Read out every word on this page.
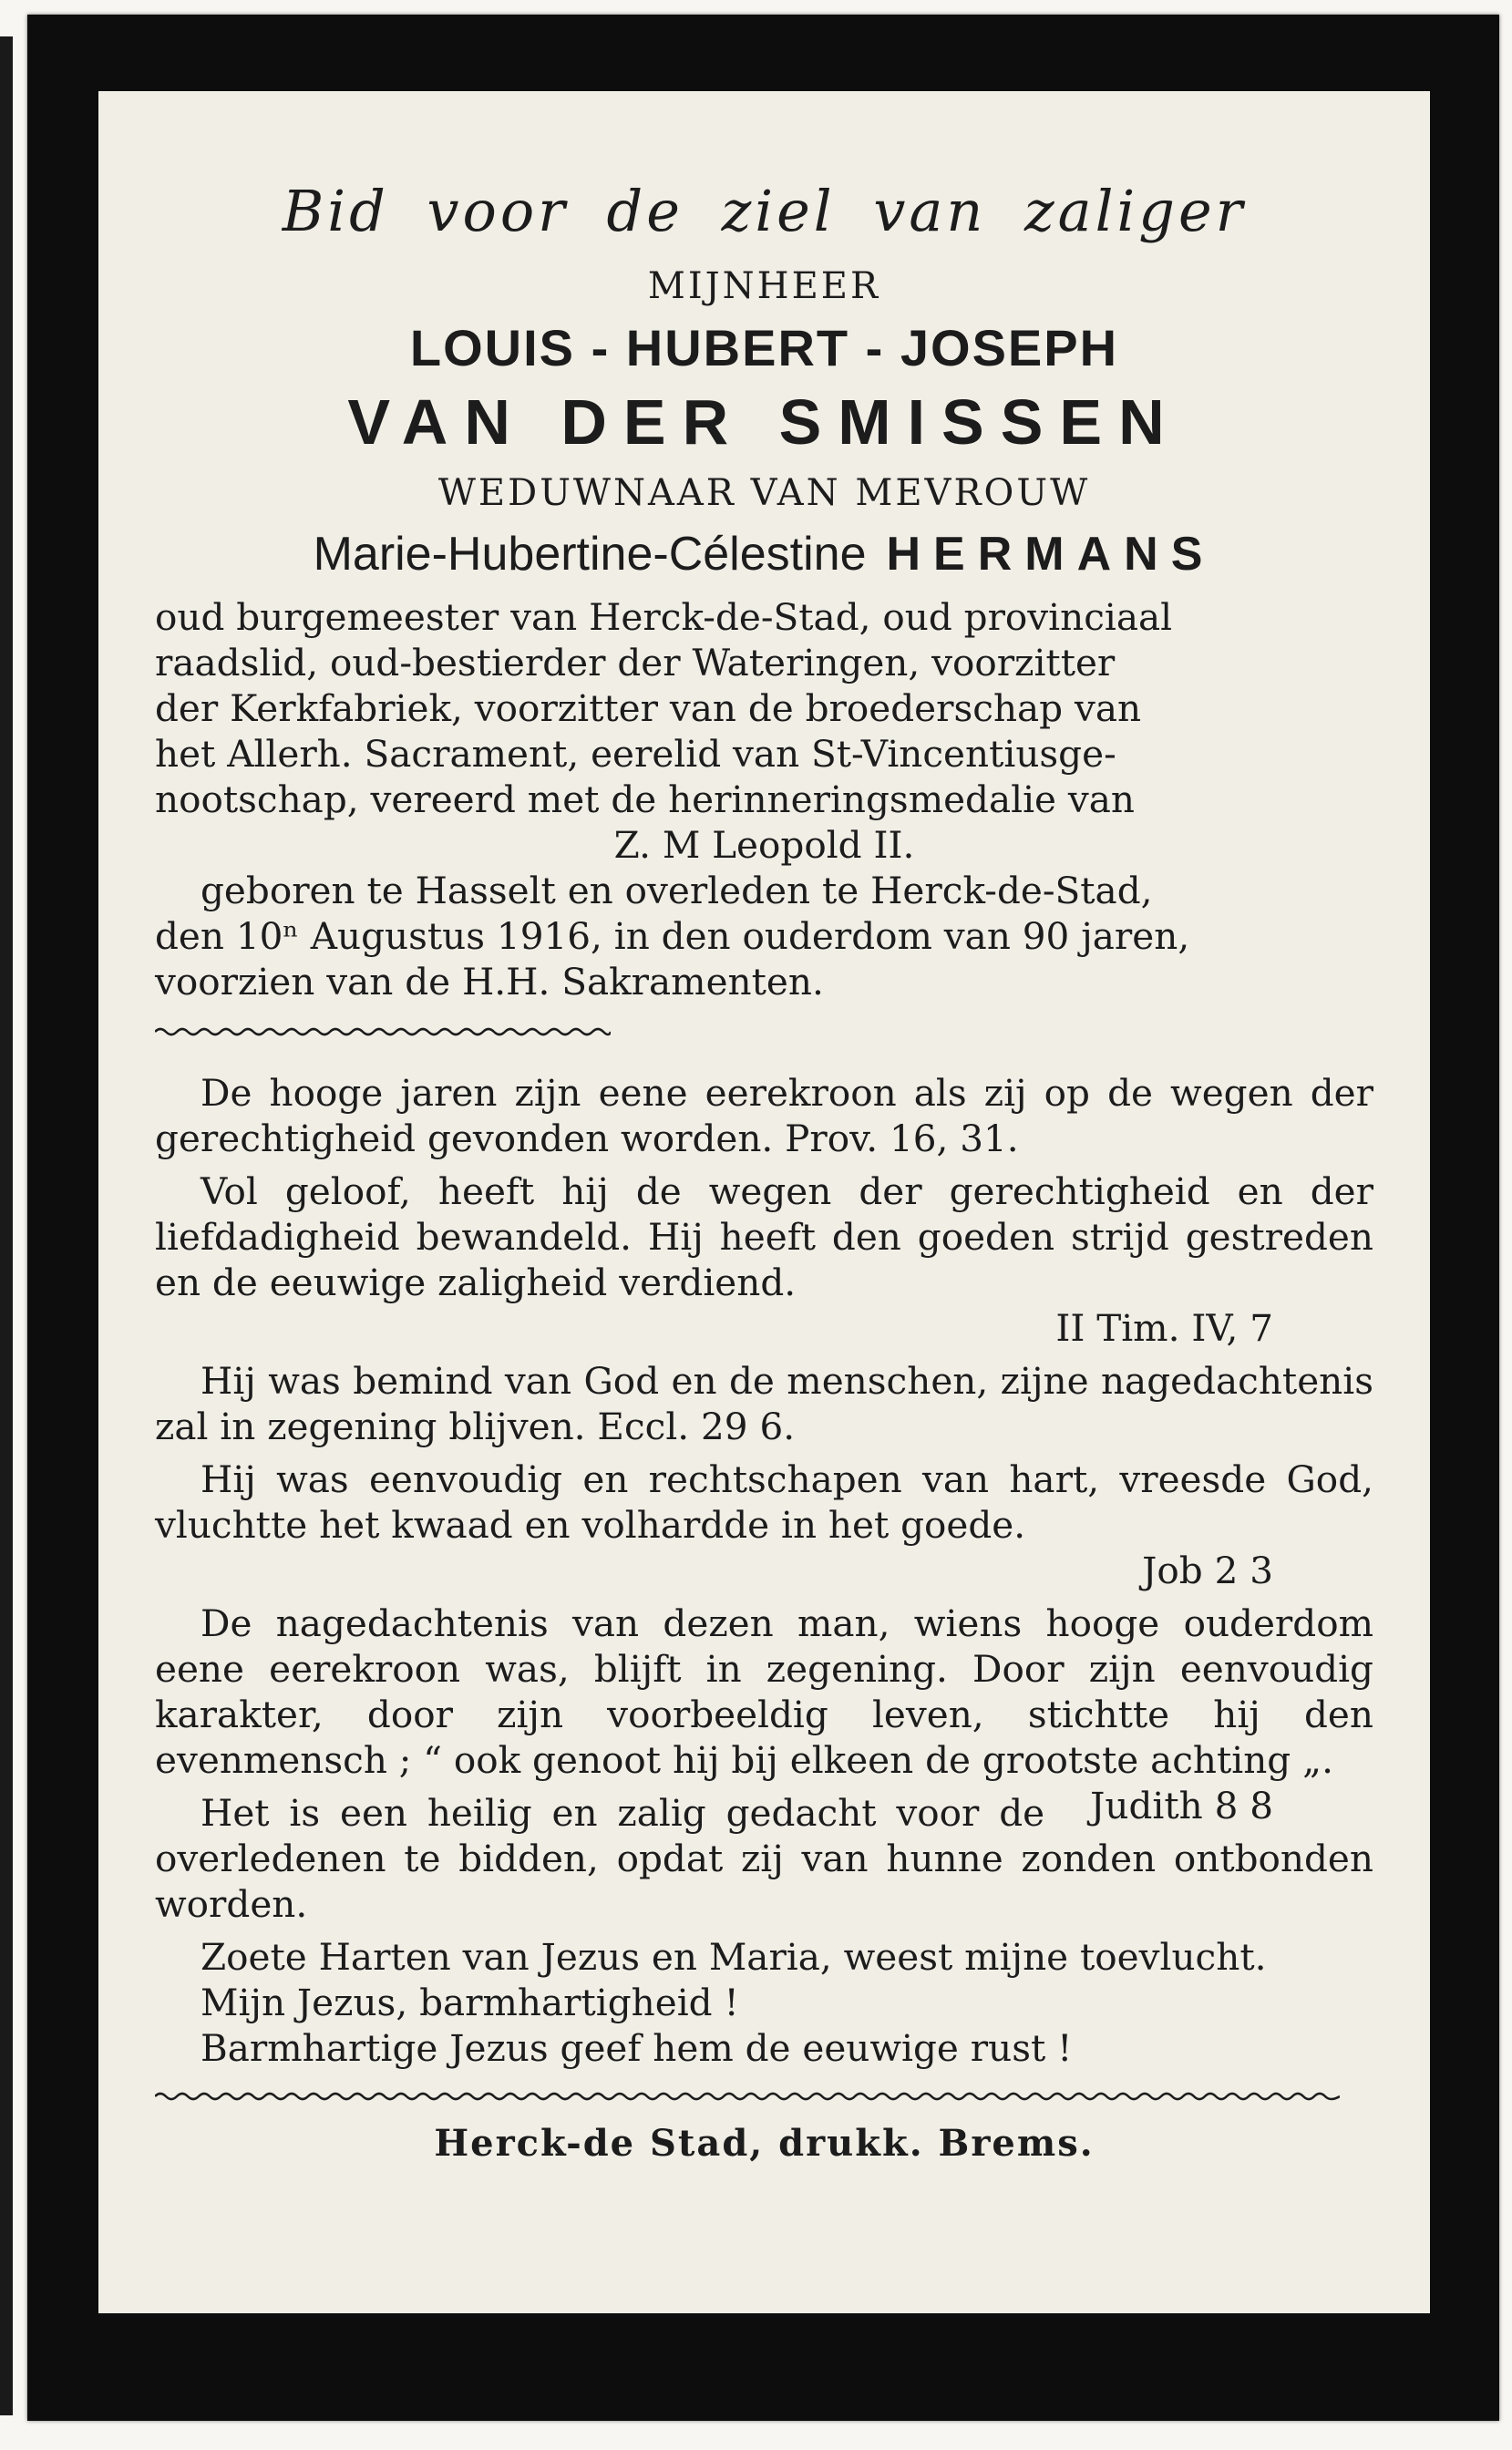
Bid voor de ziel van zaliger
MIJNHEER
LOUIS - HUBERT - JOSEPH
VAN DER SMISSEN
WEDUWNAAR VAN MEVROUW
Marie-Hubertine-Célestine HERMANS

oud burgemeester van Herck-de-Stad, oud provinciaal

raadslid, oud-bestierder der Wateringen, voorzitter

der Kerkfabriek, voorzitter van de broederschap van

het Allerh. Sacrament, eerelid van St-Vincentiusge-

nootschap, vereerd met de herinneringsmedalie van

Z. M Leopold II.

geboren te Hasselt en overleden te Herck-de-Stad,

den 10ⁿ Augustus 1916, in den ouderdom van 90 jaren,

voorzien van de H.H. Sakramenten.

De hooge jaren zijn eene eerekroon als zij op de wegen der gerechtigheid gevonden worden. Prov. 16, 31.
Vol geloof, heeft hij de wegen der gerechtigheid en der liefdadigheid bewandeld. Hij heeft den goeden strijd gestreden en de eeuwige zaligheid verdiend.
II Tim. IV, 7
Hij was bemind van God en de menschen, zijne nagedachtenis zal in zegening blijven. Eccl. 29 6.
Hij was eenvoudig en rechtschapen van hart, vreesde God, vluchtte het kwaad en volhardde in het goede.
Job 2 3
De nagedachtenis van dezen man, wiens hooge ouderdom eene eerekroon was, blijft in zegening. Door zijn eenvoudig karakter, door zijn voorbeeldig leven, stichtte hij den evenmensch ; “ ook genoot hij bij elkeen de grootste achting „.
Judith 8 8
Het is een heilig en zalig gedacht voor de overledenen te bidden, opdat zij van hunne zonden ontbonden worden.

Zoete Harten van Jezus en Maria, weest mijne toevlucht.

Mijn Jezus, barmhartigheid !

Barmhartige Jezus geef hem de eeuwige rust !

Herck-de Stad, drukk. Brems.
